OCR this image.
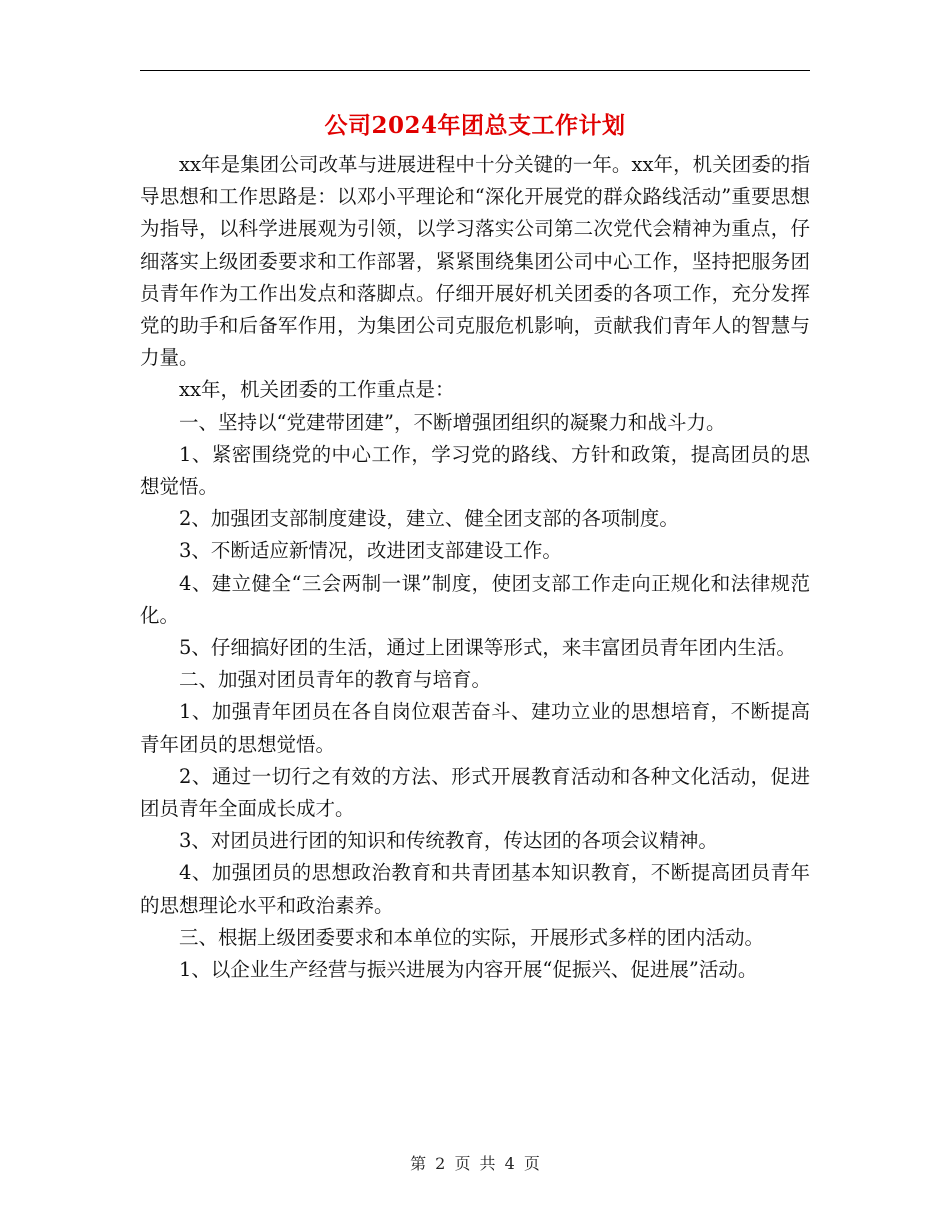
公司2024年团总支工作计划

xx年是集团公司改革与进展进程中十分关键的一年。xx年，机关团委的指导思想和工作思路是：以邓小平理论和“深化开展党的群众路线活动”重要思想为指导，以科学进展观为引领，以学习落实公司第二次党代会精神为重点，仔细落实上级团委要求和工作部署，紧紧围绕集团公司中心工作，坚持把服务团员青年作为工作出发点和落脚点。仔细开展好机关团委的各项工作，充分发挥党的助手和后备军作用，为集团公司克服危机影响，贡献我们青年人的智慧与力量。

xx年，机关团委的工作重点是：

一、坚持以“党建带团建”，不断增强团组织的凝聚力和战斗力。

1、紧密围绕党的中心工作，学习党的路线、方针和政策，提高团员的思想觉悟。

2、加强团支部制度建设，建立、健全团支部的各项制度。

3、不断适应新情况，改进团支部建设工作。

4、建立健全“三会两制一课”制度，使团支部工作走向正规化和法律规范化。

5、仔细搞好团的生活，通过上团课等形式，来丰富团员青年团内生活。

二、加强对团员青年的教育与培育。

1、加强青年团员在各自岗位艰苦奋斗、建功立业的思想培育，不断提高青年团员的思想觉悟。

2、通过一切行之有效的方法、形式开展教育活动和各种文化活动，促进团员青年全面成长成才。

3、对团员进行团的知识和传统教育，传达团的各项会议精神。

4、加强团员的思想政治教育和共青团基本知识教育，不断提高团员青年的思想理论水平和政治素养。

三、根据上级团委要求和本单位的实际，开展形式多样的团内活动。

1、以企业生产经营与振兴进展为内容开展“促振兴、促进展”活动。

第 2 页 共 4 页
